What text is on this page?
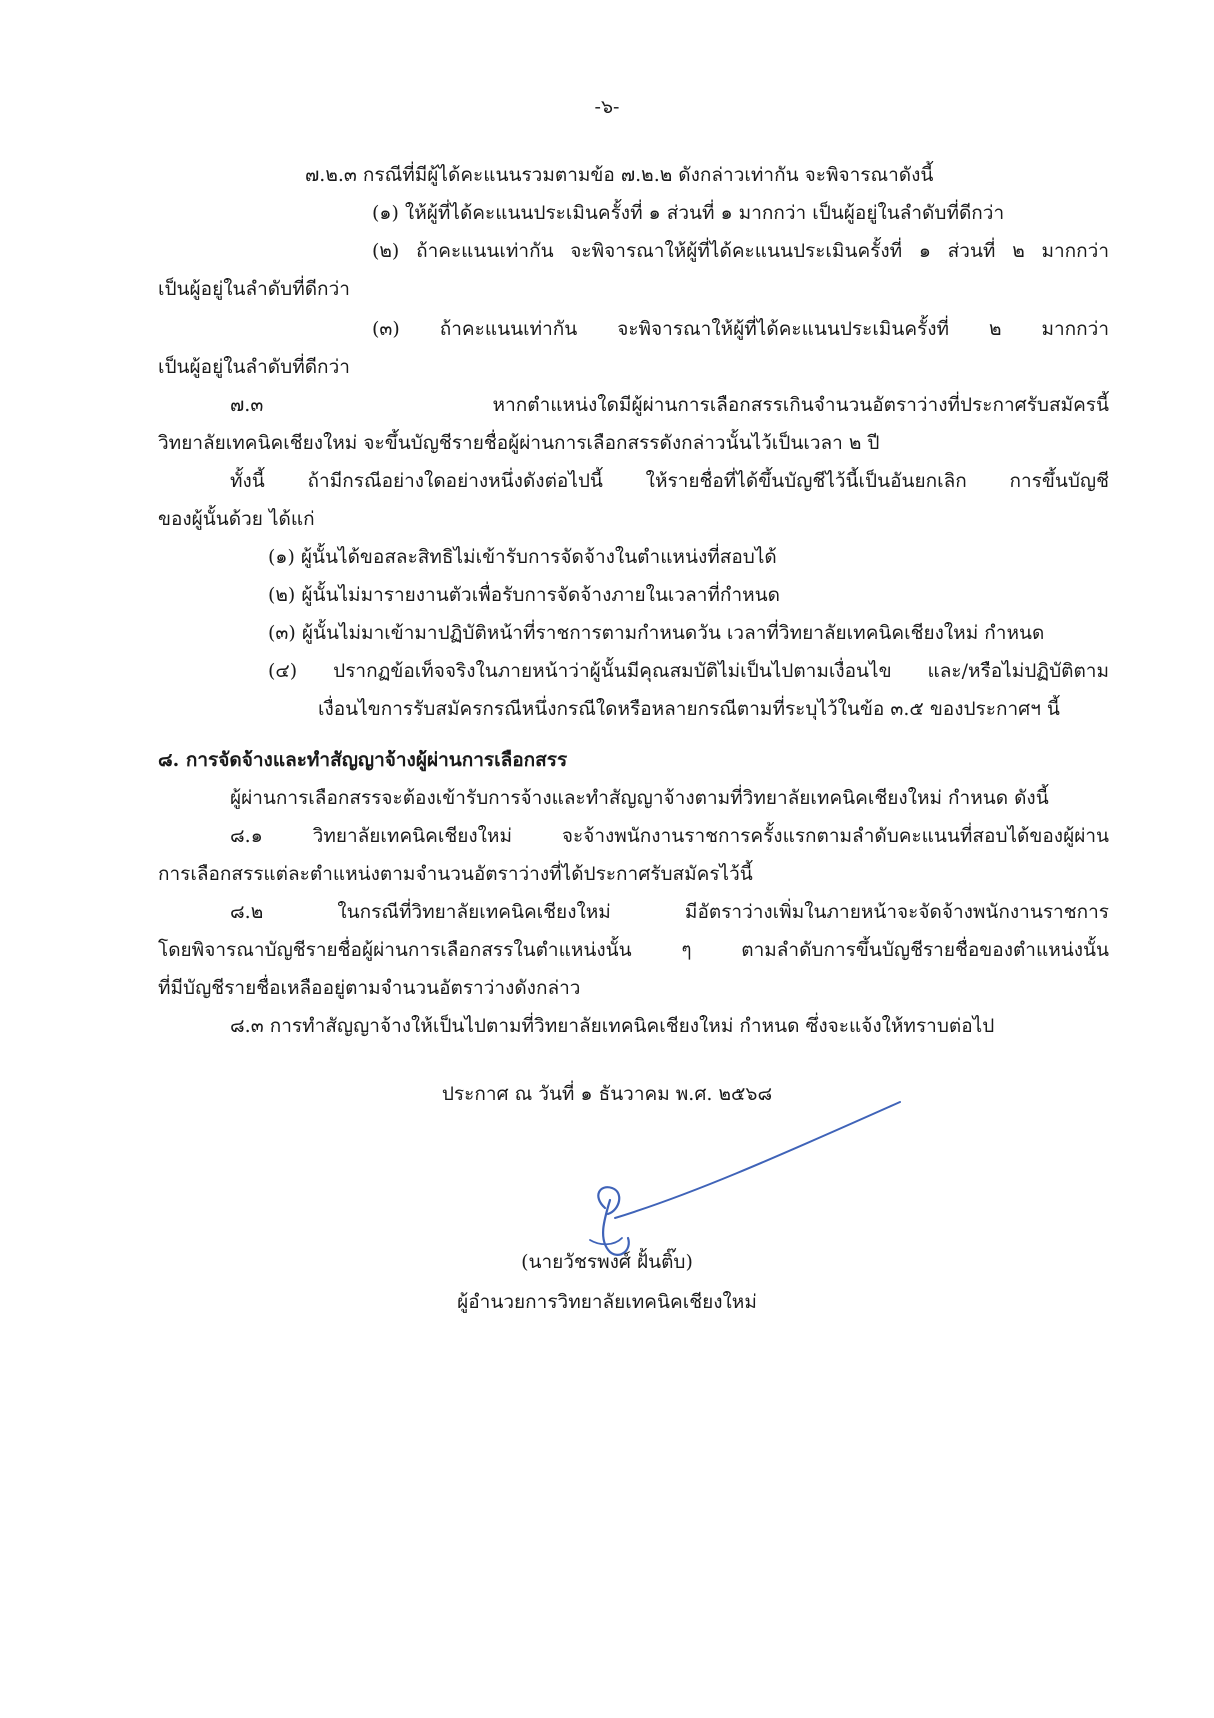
-๖-

๗.๒.๓ กรณีที่มีผู้ได้คะแนนรวมตามข้อ ๗.๒.๒ ดังกล่าวเท่ากัน จะพิจารณาดังนี้

(๑) ให้ผู้ที่ได้คะแนนประเมินครั้งที่ ๑ ส่วนที่ ๑ มากกว่า เป็นผู้อยู่ในลำดับที่ดีกว่า

(๒) ถ้าคะแนนเท่ากัน จะพิจารณาให้ผู้ที่ได้คะแนนประเมินครั้งที่ ๑ ส่วนที่ ๒ มากกว่า

เป็นผู้อยู่ในลำดับที่ดีกว่า

(๓) ถ้าคะแนนเท่ากัน จะพิจารณาให้ผู้ที่ได้คะแนนประเมินครั้งที่ ๒ มากกว่า

เป็นผู้อยู่ในลำดับที่ดีกว่า

๗.๓ หากตำแหน่งใดมีผู้ผ่านการเลือกสรรเกินจำนวนอัตราว่างที่ประกาศรับสมัครนี้

วิทยาลัยเทคนิคเชียงใหม่ จะขึ้นบัญชีรายชื่อผู้ผ่านการเลือกสรรดังกล่าวนั้นไว้เป็นเวลา ๒ ปี

ทั้งนี้ ถ้ามีกรณีอย่างใดอย่างหนึ่งดังต่อไปนี้ ให้รายชื่อที่ได้ขึ้นบัญชีไว้นี้เป็นอันยกเลิก การขึ้นบัญชี

ของผู้นั้นด้วย ได้แก่

(๑) ผู้นั้นได้ขอสละสิทธิไม่เข้ารับการจัดจ้างในตำแหน่งที่สอบได้

(๒) ผู้นั้นไม่มารายงานตัวเพื่อรับการจัดจ้างภายในเวลาที่กำหนด

(๓) ผู้นั้นไม่มาเข้ามาปฏิบัติหน้าที่ราชการตามกำหนดวัน เวลาที่วิทยาลัยเทคนิคเชียงใหม่ กำหนด

(๔) ปรากฏข้อเท็จจริงในภายหน้าว่าผู้นั้นมีคุณสมบัติไม่เป็นไปตามเงื่อนไข และ/หรือไม่ปฏิบัติตาม

เงื่อนไขการรับสมัครกรณีหนึ่งกรณีใดหรือหลายกรณีตามที่ระบุไว้ในข้อ ๓.๕ ของประกาศฯ นี้

๘. การจัดจ้างและทำสัญญาจ้างผู้ผ่านการเลือกสรร

ผู้ผ่านการเลือกสรรจะต้องเข้ารับการจ้างและทำสัญญาจ้างตามที่วิทยาลัยเทคนิคเชียงใหม่ กำหนด ดังนี้

๘.๑ วิทยาลัยเทคนิคเชียงใหม่ จะจ้างพนักงานราชการครั้งแรกตามลำดับคะแนนที่สอบได้ของผู้ผ่าน

การเลือกสรรแต่ละตำแหน่งตามจำนวนอัตราว่างที่ได้ประกาศรับสมัครไว้นี้

๘.๒ ในกรณีที่วิทยาลัยเทคนิคเชียงใหม่ มีอัตราว่างเพิ่มในภายหน้าจะจัดจ้างพนักงานราชการ

โดยพิจารณาบัญชีรายชื่อผู้ผ่านการเลือกสรรในตำแหน่งนั้น ๆ ตามลำดับการขึ้นบัญชีรายชื่อของตำแหน่งนั้น

ที่มีบัญชีรายชื่อเหลืออยู่ตามจำนวนอัตราว่างดังกล่าว

๘.๓ การทำสัญญาจ้างให้เป็นไปตามที่วิทยาลัยเทคนิคเชียงใหม่ กำหนด ซึ่งจะแจ้งให้ทราบต่อไป

ประกาศ ณ วันที่ ๑ ธันวาคม พ.ศ. ๒๕๖๘

(นายวัชรพงศ์ ฝั้นติ๊บ)

ผู้อำนวยการวิทยาลัยเทคนิคเชียงใหม่
